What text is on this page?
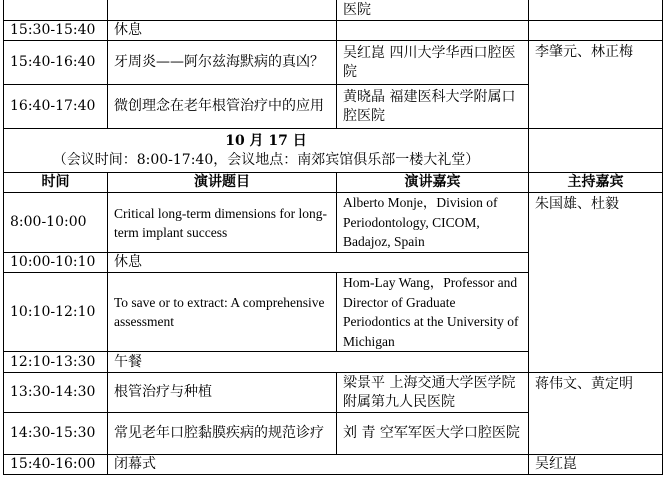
		医院	
15:30-15:40	休息		
15:40-16:40	牙周炎——阿尔兹海默病的真凶？	吴红崑 四川大学华西口腔医院	李肇元、林正梅
16:40-17:40	微创理念在老年根管治疗中的应用	黄晓晶 福建医科大学附属口腔医院	

10 月 17 日
（会议时间：8:00-17:40，会议地点：南郊宾馆俱乐部一楼大礼堂）			

时间	演讲题目	演讲嘉宾	主持嘉宾
8:00-10:00	Critical long-term dimensions for long-term implant success	Alberto Monje，Division of Periodontology, CICOM, Badajoz, Spain	朱国雄、杜毅
10:00-10:10	休息		
10:10-12:10	To save or to extract: A comprehensive assessment	Hom-Lay Wang，Professor and Director of Graduate Periodontics at the University of Michigan	
12:10-13:30	午餐		
13:30-14:30	根管治疗与种植	梁景平 上海交通大学医学院附属第九人民医院	蒋伟文、黄定明
14:30-15:30	常见老年口腔黏膜疾病的规范诊疗	刘 青 空军军医大学口腔医院	
15:40-16:00	闭幕式		吴红崑
